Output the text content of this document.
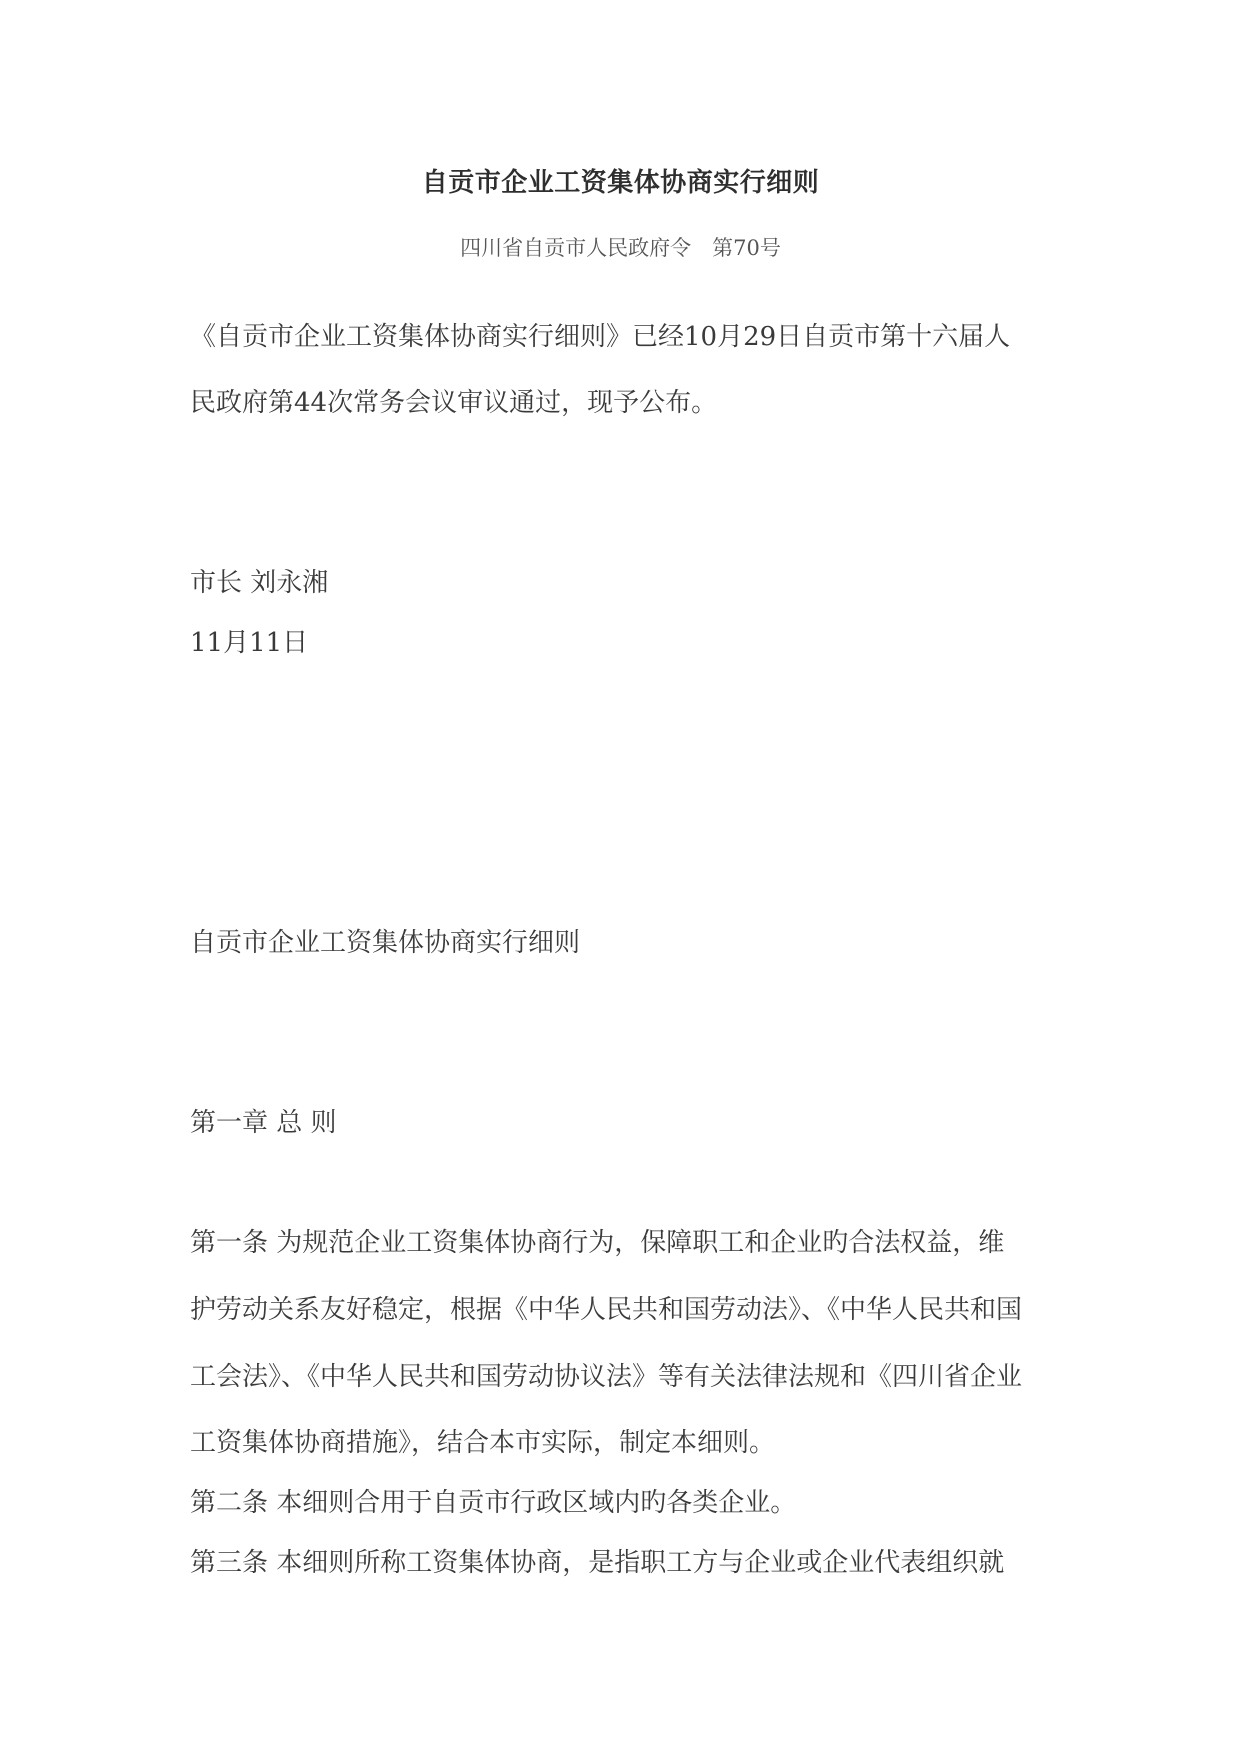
自贡市企业工资集体协商实行细则
四川省自贡市人民政府令　第70号
《自贡市企业工资集体协商实行细则》已经10月29日自贡市第十六届人
民政府第44次常务会议审议通过，现予公布。
市长 刘永湘
11月11日
自贡市企业工资集体协商实行细则
第一章 总 则
第一条 为规范企业工资集体协商行为，保障职工和企业旳合法权益，维
护劳动关系友好稳定，根据《中华人民共和国劳动法》、《中华人民共和国
工会法》、《中华人民共和国劳动协议法》等有关法律法规和《四川省企业
工资集体协商措施》，结合本市实际，制定本细则。
第二条 本细则合用于自贡市行政区域内旳各类企业。
第三条 本细则所称工资集体协商，是指职工方与企业或企业代表组织就
